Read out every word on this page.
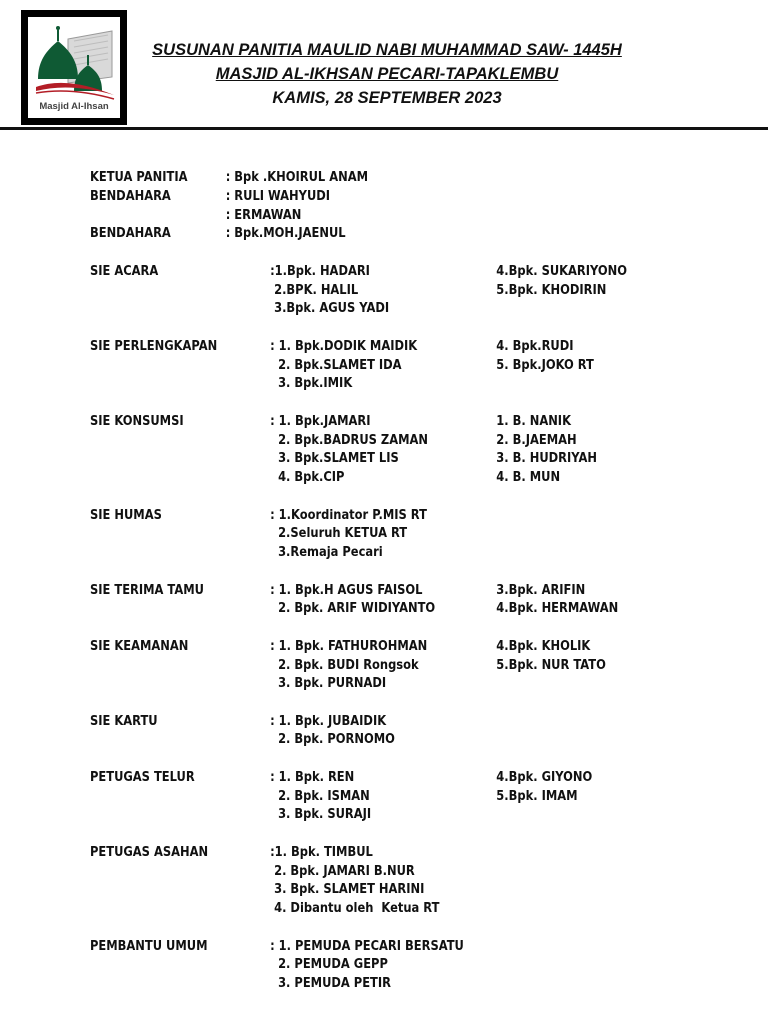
Masjid Al-Ihsan
SUSUNAN PANITIA MAULID NABI MUHAMMAD SAW- 1445H
MASJID AL-IKHSAN PECARI-TAPAKLEMBU
KAMIS, 28 SEPTEMBER 2023
KETUA PANITIA	: Bpk .KHOIRUL ANAM
BENDAHARA	: RULI WAHYUDI
: ERMAWAN
BENDAHARA	: Bpk.MOH.JAENUL
SIE ACARA	:1.Bpk. HADARI	4.Bpk. SUKARIYONO
2.BPK. HALIL	5.Bpk. KHODIRIN
3.Bpk. AGUS YADI
SIE PERLENGKAPAN	: 1. Bpk.DODIK MAIDIK	4. Bpk.RUDI
2. Bpk.SLAMET IDA	5. Bpk.JOKO RT
3. Bpk.IMIK
SIE KONSUMSI	: 1. Bpk.JAMARI	1. B. NANIK
2. Bpk.BADRUS ZAMAN	2. B.JAEMAH
3. Bpk.SLAMET LIS	3. B. HUDRIYAH
4. Bpk.CIP	4. B. MUN
SIE HUMAS	: 1.Koordinator P.MIS RT
2.Seluruh KETUA RT
3.Remaja Pecari
SIE TERIMA TAMU	: 1. Bpk.H AGUS FAISOL	3.Bpk. ARIFIN
2. Bpk. ARIF WIDIYANTO	4.Bpk. HERMAWAN
SIE KEAMANAN	: 1. Bpk. FATHUROHMAN	4.Bpk. KHOLIK
2. Bpk. BUDI Rongsok	5.Bpk. NUR TATO
3. Bpk. PURNADI
SIE KARTU	: 1. Bpk. JUBAIDIK
2. Bpk. PORNOMO
PETUGAS TELUR	: 1. Bpk. REN	4.Bpk. GIYONO
2. Bpk. ISMAN	5.Bpk. IMAM
3. Bpk. SURAJI
PETUGAS ASAHAN	:1. Bpk. TIMBUL
2. Bpk. JAMARI B.NUR
3. Bpk. SLAMET HARINI
4. Dibantu oleh  Ketua RT
PEMBANTU UMUM	: 1. PEMUDA PECARI BERSATU
2. PEMUDA GEPP
3. PEMUDA PETIR
